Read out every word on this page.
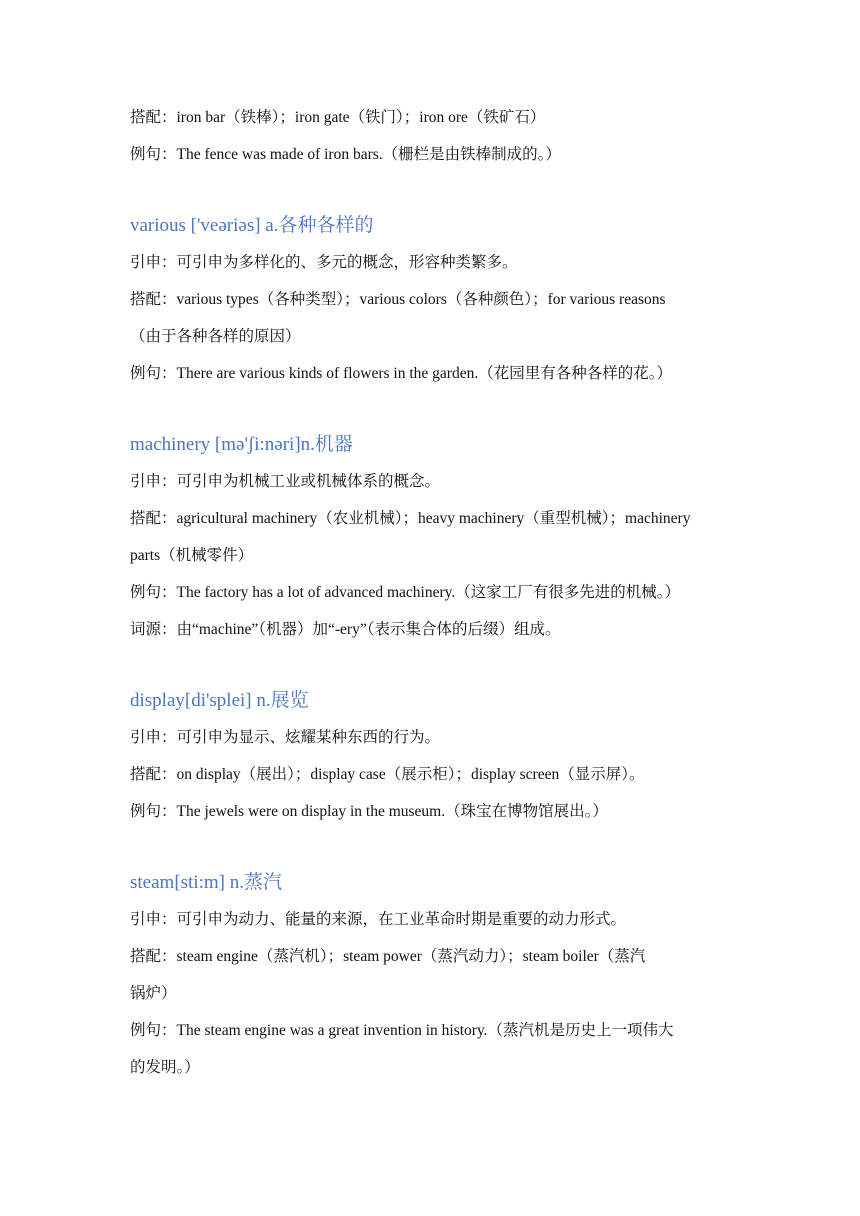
搭配：iron bar（铁棒）；iron gate（铁门）；iron ore（铁矿石）

例句：The fence was made of iron bars.（栅栏是由铁棒制成的。）

various ['veəriəs] a.各种各样的

引申：可引申为多样化的、多元的概念，形容种类繁多。

搭配：various types（各种类型）；various colors（各种颜色）；for various reasons

（由于各种各样的原因）

例句：There are various kinds of flowers in the garden.（花园里有各种各样的花。）

machinery [mə'ʃi:nəri]n.机器

引申：可引申为机械工业或机械体系的概念。

搭配：agricultural machinery（农业机械）；heavy machinery（重型机械）；machinery

parts（机械零件）

例句：The factory has a lot of advanced machinery.（这家工厂有很多先进的机械。）

词源：由“machine”（机器）加“-ery”（表示集合体的后缀）组成。

display[di'splei] n.展览

引申：可引申为显示、炫耀某种东西的行为。

搭配：on display（展出）；display case（展示柜）；display screen（显示屏）。

例句：The jewels were on display in the museum.（珠宝在博物馆展出。）

steam[sti:m] n.蒸汽

引申：可引申为动力、能量的来源，在工业革命时期是重要的动力形式。

搭配：steam engine（蒸汽机）；steam power（蒸汽动力）；steam boiler（蒸汽

锅炉）

例句：The steam engine was a great invention in history.（蒸汽机是历史上一项伟大

的发明。）
